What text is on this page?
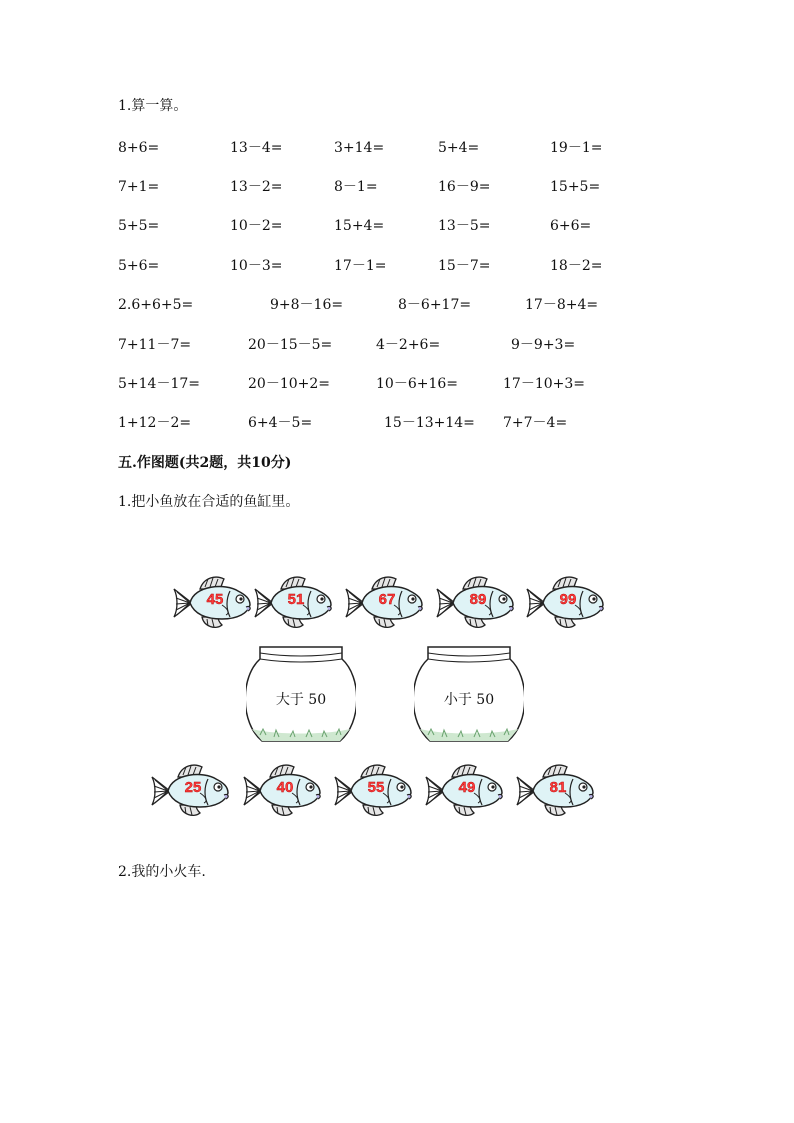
1.算一算。
8+6=	13－4=	3+14=	5+4=	19－1=
7+1=	13－2=	8－1=	16－9=	15+5=
5+5=	10－2=	15+4=	13－5=	6+6=
5+6=	10－3=	17－1=	15－7=	18－2=
2.6+6+5=	9+8－16=	8－6+17=	17－8+4=
7+11－7=	20－15－5=	4－2+6=	9－9+3=
5+14－17=	20－10+2=	10－6+16=	17－10+3=
1+12－2=	6+4－5=	15－13+14= 7+7－4=
五.作图题(共2题，共10分)
1.把小鱼放在合适的鱼缸里。
45	51	67	89	99
大于 50	小于 50
25	40	55	49	81
2.我的小火车.
